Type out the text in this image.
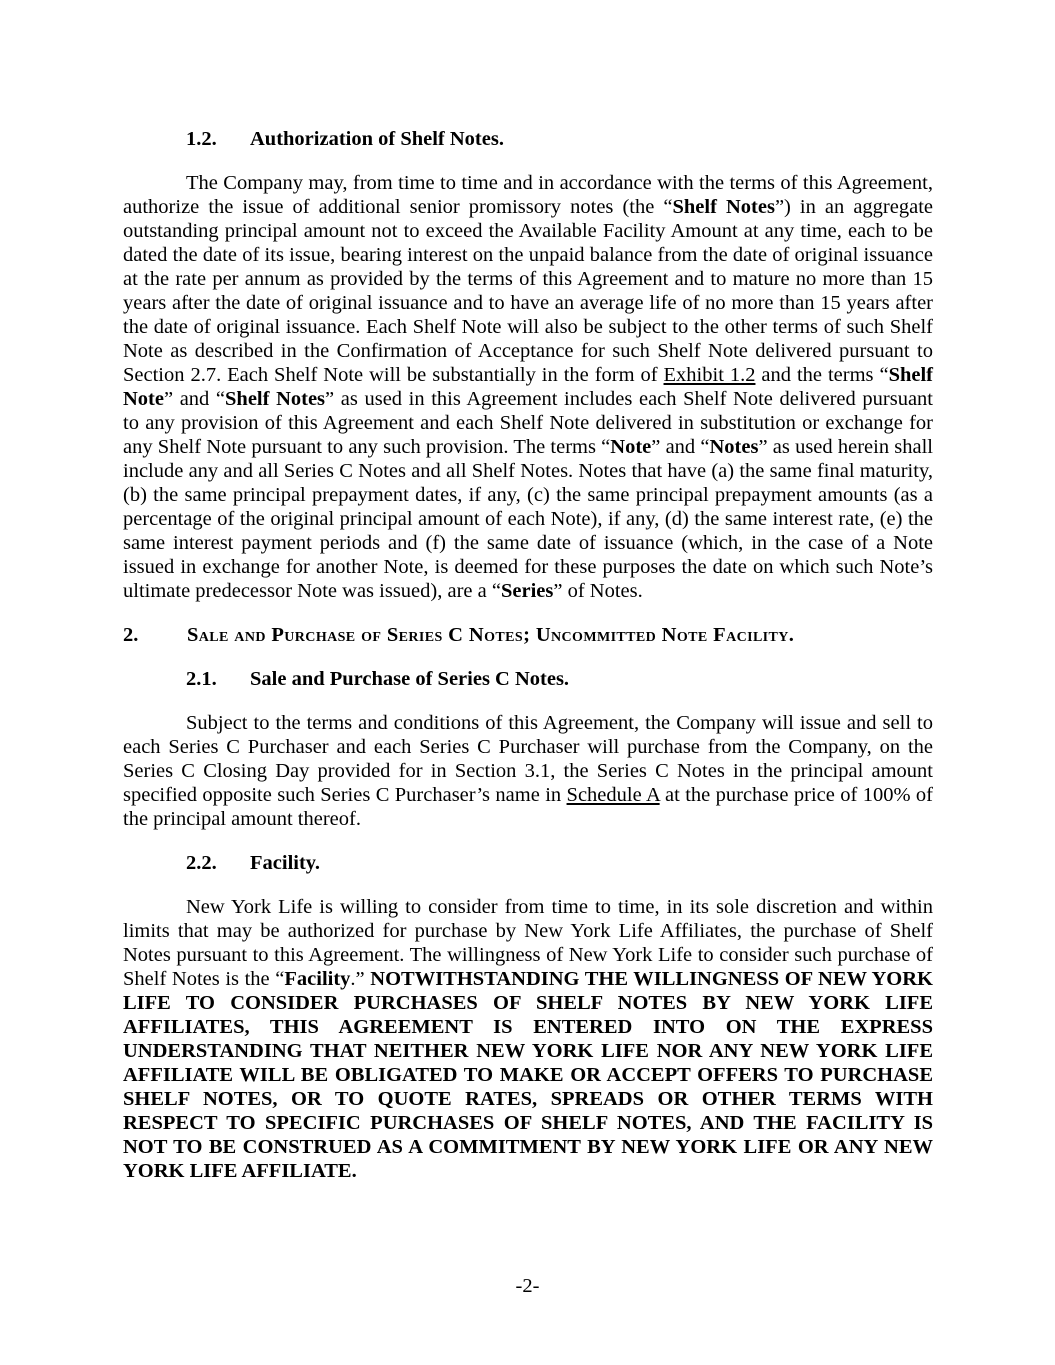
1.2. Authorization of Shelf Notes.

The Company may, from time to time and in accordance with the terms of this Agreement, authorize the issue of additional senior promissory notes (the “Shelf Notes”) in an aggregate outstanding principal amount not to exceed the Available Facility Amount at any time, each to be dated the date of its issue, bearing interest on the unpaid balance from the date of original issuance at the rate per annum as provided by the terms of this Agreement and to mature no more than 15 years after the date of original issuance and to have an average life of no more than 15 years after the date of original issuance. Each Shelf Note will also be subject to the other terms of such Shelf Note as described in the Confirmation of Acceptance for such Shelf Note delivered pursuant to Section 2.7. Each Shelf Note will be substantially in the form of Exhibit 1.2 and the terms “Shelf Note” and “Shelf Notes” as used in this Agreement includes each Shelf Note delivered pursuant to any provision of this Agreement and each Shelf Note delivered in substitution or exchange for any Shelf Note pursuant to any such provision. The terms “Note” and “Notes” as used herein shall include any and all Series C Notes and all Shelf Notes. Notes that have (a) the same final maturity, (b) the same principal prepayment dates, if any, (c) the same principal prepayment amounts (as a percentage of the original principal amount of each Note), if any, (d) the same interest rate, (e) the same interest payment periods and (f) the same date of issuance (which, in the case of a Note issued in exchange for another Note, is deemed for these purposes the date on which such Note’s ultimate predecessor Note was issued), are a “Series” of Notes.

2. Sale and Purchase of Series C Notes; Uncommitted Note Facility.

2.1. Sale and Purchase of Series C Notes.

Subject to the terms and conditions of this Agreement, the Company will issue and sell to each Series C Purchaser and each Series C Purchaser will purchase from the Company, on the Series C Closing Day provided for in Section 3.1, the Series C Notes in the principal amount specified opposite such Series C Purchaser’s name in Schedule A at the purchase price of 100% of the principal amount thereof.

2.2. Facility.

New York Life is willing to consider from time to time, in its sole discretion and within limits that may be authorized for purchase by New York Life Affiliates, the purchase of Shelf Notes pursuant to this Agreement. The willingness of New York Life to consider such purchase of Shelf Notes is the “Facility.” NOTWITHSTANDING THE WILLINGNESS OF NEW YORK LIFE TO CONSIDER PURCHASES OF SHELF NOTES BY NEW YORK LIFE AFFILIATES, THIS AGREEMENT IS ENTERED INTO ON THE EXPRESS UNDERSTANDING THAT NEITHER NEW YORK LIFE NOR ANY NEW YORK LIFE AFFILIATE WILL BE OBLIGATED TO MAKE OR ACCEPT OFFERS TO PURCHASE SHELF NOTES, OR TO QUOTE RATES, SPREADS OR OTHER TERMS WITH RESPECT TO SPECIFIC PURCHASES OF SHELF NOTES, AND THE FACILITY IS NOT TO BE CONSTRUED AS A COMMITMENT BY NEW YORK LIFE OR ANY NEW YORK LIFE AFFILIATE.

-2-
